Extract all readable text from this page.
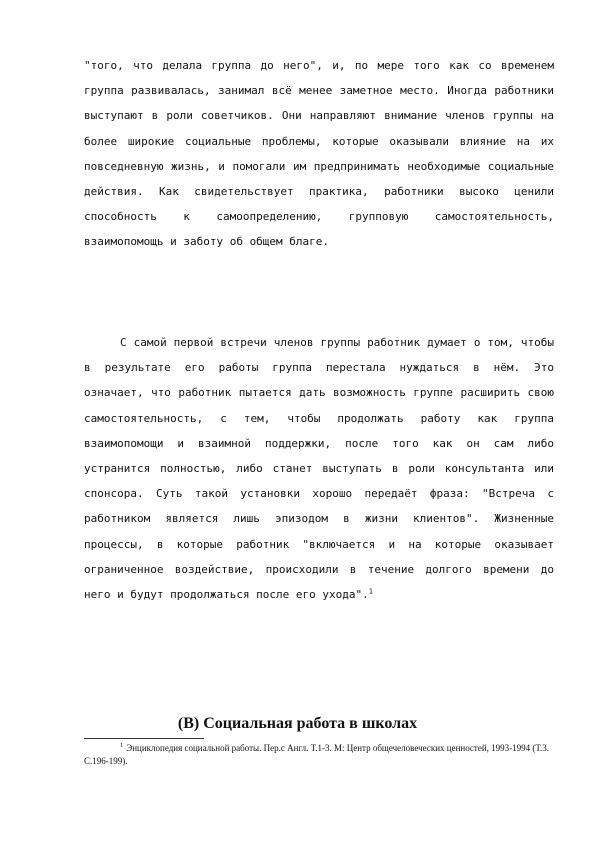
"того, что делала группа до него", и, по мере того как со временем группа развивалась, занимал всё менее заметное место. Иногда работники выступают в роли советчиков. Они направляют внимание членов группы на более широкие социальные проблемы, которые оказывали влияние на их повседневную жизнь, и помогали им предпринимать необходимые социальные действия. Как свидетельствует практика, работники высоко ценили способность к самоопределению, групповую самостоятельность, взаимопомощь и заботу об общем благе.

С самой первой встречи членов группы работник думает о том, чтобы в результате его работы группа перестала нуждаться в нём. Это означает, что работник пытается дать возможность группе расширить свою самостоятельность, с тем, чтобы продолжать работу как группа взаимопомощи и взаимной поддержки, после того как он сам либо устранится полностью, либо станет выступать в роли консультанта или спонсора. Суть такой установки хорошо передаёт фраза: "Встреча с работником является лишь эпизодом в жизни клиентов". Жизненные процессы, в которые работник "включается и на которые оказывает ограниченное воздействие, происходили в течение долгого времени до него и будут продолжаться после его ухода".$^1$

(B) Социальная работа в школах

$^1$ Энциклопедия социальной работы. Пер.с Англ. Т.1-3. М: Центр общечеловеческих ценностей, 1993-1994 (Т.3. С.196-199).
